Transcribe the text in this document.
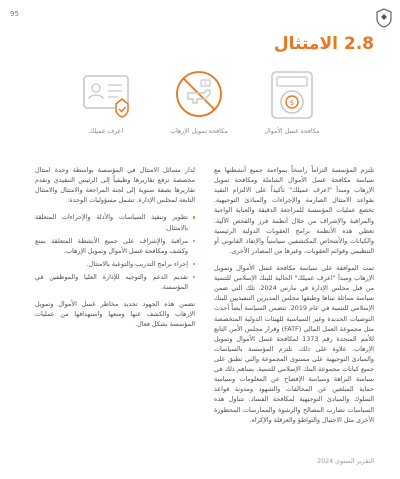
95
2.8 الامتثال
$
مكافحة غسل الأموال
$
مكافحة تمويل الإرهاب
اعرف عميلك

تلتزم المؤسسة التزاماً راسخاً بمواءمة جميع أنشطتها مع سياسة مكافحة غسل الأموال الشاملة ومكافحة تمويل الإرهاب ومبدأ "اعرف عميلك" تأكيداً على الالتزام التقيد بقواعد الامتثال الصارمة والإجراءات والمبادئ التوجيهية. تخضع عمليات المؤسسة للمراجعة الدقيقة والعناية الواجبة والمراقبة والإشراف من خلال أنظمة فرز والفحص الآلية. تغطي هذه الأنظمة برامج العقوبات الدولية الرئيسية والكيانات والأشخاص المكتشفين سياسياً والإنفاذ القانوني أو التنظيمي وقوائم العقوبات، وغيرها من المصادر الأخرى.

تمت الموافقة على سياسة مكافحة غسل الأموال وتمويل الإرهاب ومبدأ "اعرف عميلك" الحالية للبنك الإسلامي للتنمية من قبل مجلس الإدارة في مارس 2024. تلك التي ضمن سياسة مماثلة تبناها وطبقها مجلس المديرين التنفيذيين للبنك الإسلامي للتنمية في عام 2019. تتضمن السياسة أيضاً أحدث التوصيات الجديدة وغير السياسية للهيئات الدولية المتخصصة مثل مجموعة العمل المالي (FATF) وقرار مجلس الأمن التابع للأمم المتحدة رقم 1373 لمكافحة غسل الأموال وتمويل الإرهاب. علاوة على ذلك، تلتزم المؤسسة بالسياسات والمبادئ التوجيهية على مستوى المجموعة والتي تطبق على جميع كيانات مجموعة البنك الإسلامي للتنمية. يساهم ذلك في سياسة النزاهة وسياسة الإفصاح عن المعلومات وسياسة حماية المبلغين عن المخالفات والشهود ومدونة قواعد السلوك والمبادئ التوجيهية لمكافحة الفساد. تتناول هذه السياسات تضارب المصالح والرشوة والممارسات المحظورة الأخرى مثل الاحتيال والتواطؤ والعرقلة والإكراه.

تُدار مسائل الامتثال في المؤسسة بواسطة وحدة امتثال مخصصة ترفع تقاريرها وظيفياً إلى الرئيس التنفيذي وتقدم تقاريرها بصفة سنوية إلى لجنة المراجعة والامتثال والامتثال التابعة لمجلس الإدارة. تشمل مسؤوليات الوحدة:

تطوير وتنفيذ السياسات والأدلة والإجراءات المتعلقة بالامتثال.
مراقبة والإشراف على جميع الأنشطة المتعلقة بمنع وكشف ومكافحة غسل الأموال وتمويل الإرهاب.
إجراء برامج التدريب والتوعية بالامتثال.
تقديم الدعم والتوجيه للإدارة العليا والموظفين في المؤسسة.

تضمن هذه الجهود تحديد مخاطر غسل الأموال وتمويل الإرهاب والكشف عنها ومنعها واستهدافها من عمليات المؤسسة بشكل فعال.

التقرير السنوي 2024
